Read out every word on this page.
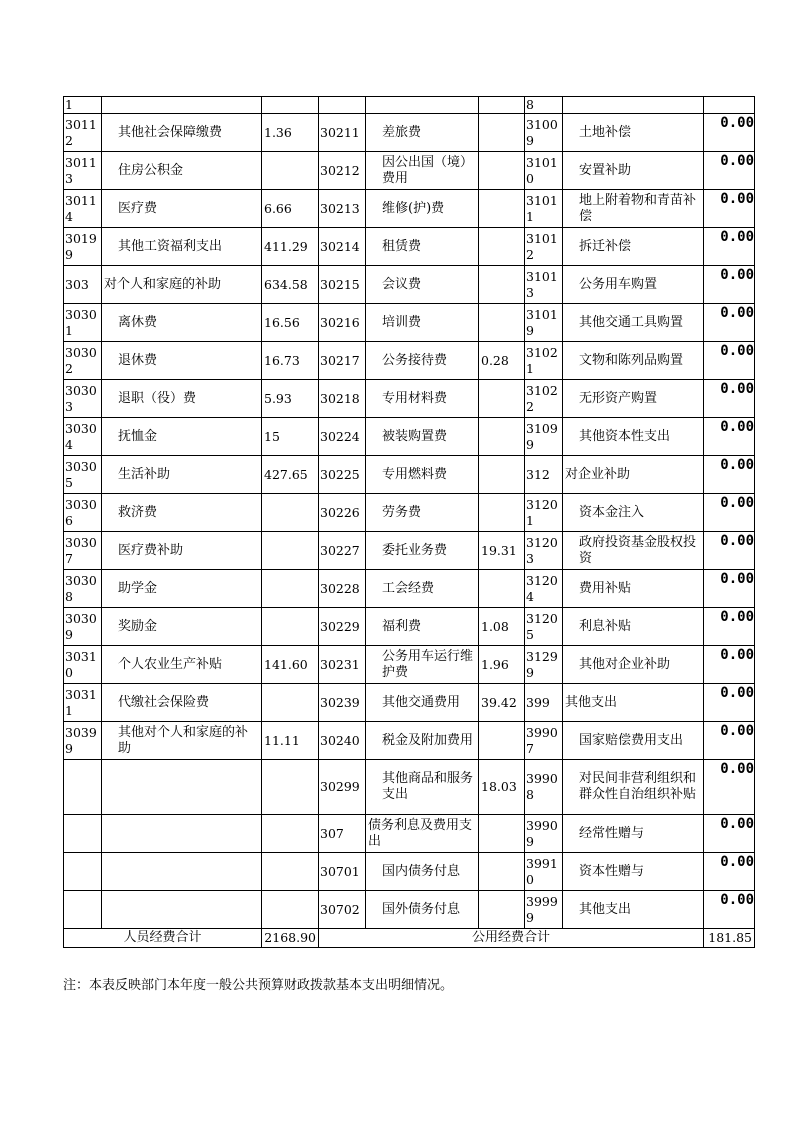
1						8		
30112	其他社会保障缴费	1.36	30211	差旅费		31009	土地补偿	0.00
30113	住房公积金		30212	因公出国（境）费用		31010	安置补助	0.00
30114	医疗费	6.66	30213	维修(护)费		31011	地上附着物和青苗补偿	0.00
30199	其他工资福利支出	411.29	30214	租赁费		31012	拆迁补偿	0.00
303	对个人和家庭的补助	634.58	30215	会议费		31013	公务用车购置	0.00
30301	离休费	16.56	30216	培训费		31019	其他交通工具购置	0.00
30302	退休费	16.73	30217	公务接待费	0.28	31021	文物和陈列品购置	0.00
30303	退职（役）费	5.93	30218	专用材料费		31022	无形资产购置	0.00
30304	抚恤金	15	30224	被装购置费		31099	其他资本性支出	0.00
30305	生活补助	427.65	30225	专用燃料费		312	对企业补助	0.00
30306	救济费		30226	劳务费		31201	资本金注入	0.00
30307	医疗费补助		30227	委托业务费	19.31	31203	政府投资基金股权投资	0.00
30308	助学金		30228	工会经费		31204	费用补贴	0.00
30309	奖励金		30229	福利费	1.08	31205	利息补贴	0.00
30310	个人农业生产补贴	141.60	30231	公务用车运行维护费	1.96	31299	其他对企业补助	0.00
30311	代缴社会保险费		30239	其他交通费用	39.42	399	其他支出	0.00
30399	其他对个人和家庭的补助	11.11	30240	税金及附加费用		39907	国家赔偿费用支出	0.00
			30299	其他商品和服务支出	18.03	39908	对民间非营利组织和群众性自治组织补贴	0.00
			307	债务利息及费用支出		39909	经常性赠与	0.00
			30701	国内债务付息		39910	资本性赠与	0.00
			30702	国外债务付息		39999	其他支出	0.00
人员经费合计		2168.90	公用经费合计					181.85
注：本表反映部门本年度一般公共预算财政拨款基本支出明细情况。
